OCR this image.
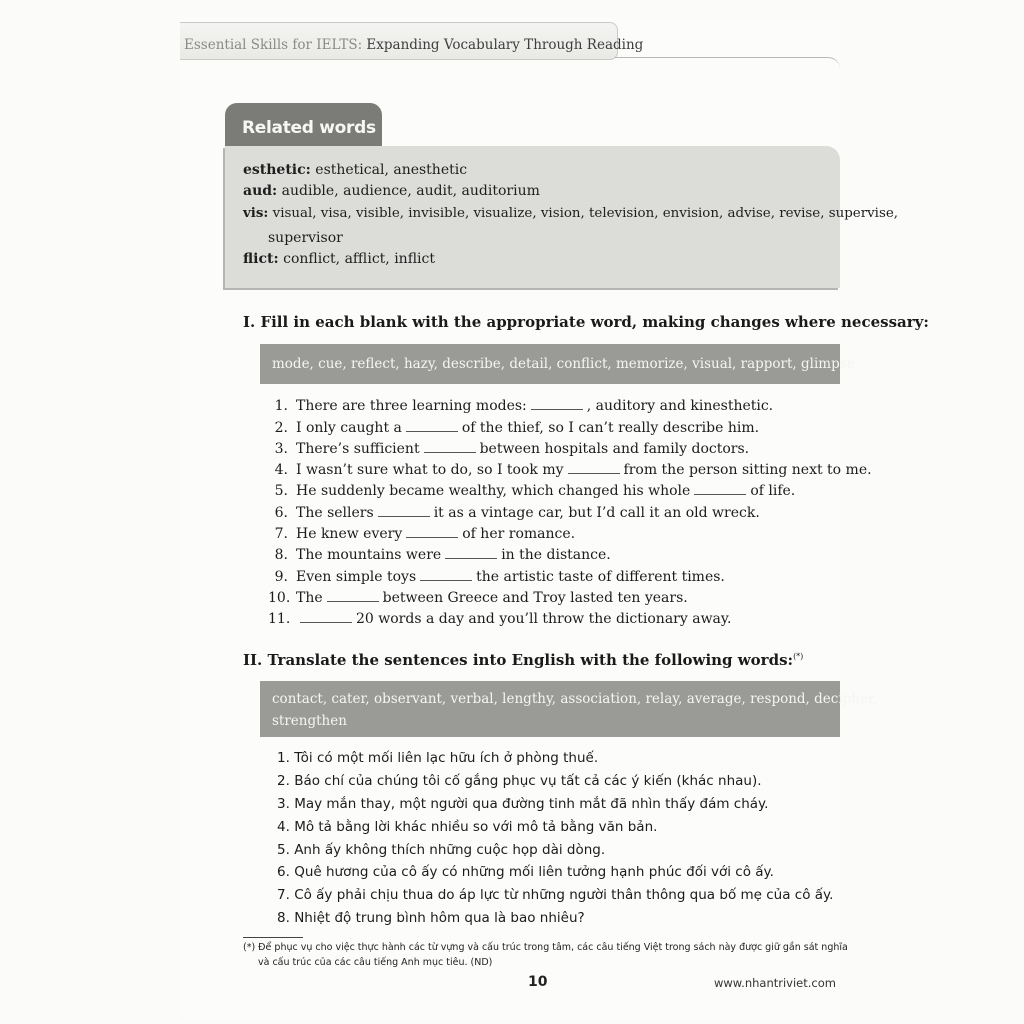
Essential Skills for IELTS: Expanding Vocabulary Through Reading
Related words
esthetic: esthetical, anesthetic
aud: audible, audience, audit, auditorium
vis: visual, visa, visible, invisible, visualize, vision, television, envision, advise, revise, supervise,
supervisor
flict: conflict, afflict, inflict
I. Fill in each blank with the appropriate word, making changes where necessary:
mode, cue, reflect, hazy, describe, detail, conflict, memorize, visual, rapport, glimpse
1. There are three learning modes:	, auditory and kinesthetic.
2. I only caught a	of the thief, so I can’t really describe him.
3. There’s sufficient	between hospitals and family doctors.
4. I wasn’t sure what to do, so I took my	from the person sitting next to me.
5. He suddenly became wealthy, which changed his whole	of life.
6. The sellers	it as a vintage car, but I’d call it an old wreck.
7. He knew every	of her romance.
8. The mountains were	in the distance.
9. Even simple toys	the artistic taste of different times.
10. The	between Greece and Troy lasted ten years.
11.	20 words a day and you’ll throw the dictionary away.
II. Translate the sentences into English with the following words:(*)
contact, cater, observant, verbal, lengthy, association, relay, average, respond, decipher,
strengthen
1. Tôi có một mối liên lạc hữu ích ở phòng thuế.
2. Báo chí của chúng tôi cố gắng phục vụ tất cả các ý kiến (khác nhau).
3. May mắn thay, một người qua đường tinh mắt đã nhìn thấy đám cháy.
4. Mô tả bằng lời khác nhiều so với mô tả bằng văn bản.
5. Anh ấy không thích những cuộc họp dài dòng.
6. Quê hương của cô ấy có những mối liên tưởng hạnh phúc đối với cô ấy.
7. Cô ấy phải chịu thua do áp lực từ những người thân thông qua bố mẹ của cô ấy.
8. Nhiệt độ trung bình hôm qua là bao nhiêu?
(*) Để phục vụ cho việc thực hành các từ vựng và cấu trúc trong tâm, các câu tiếng Việt trong sách này được giữ gần sát nghĩa
và cấu trúc của các câu tiếng Anh mục tiêu. (ND)
10	www.nhantriviet.com
